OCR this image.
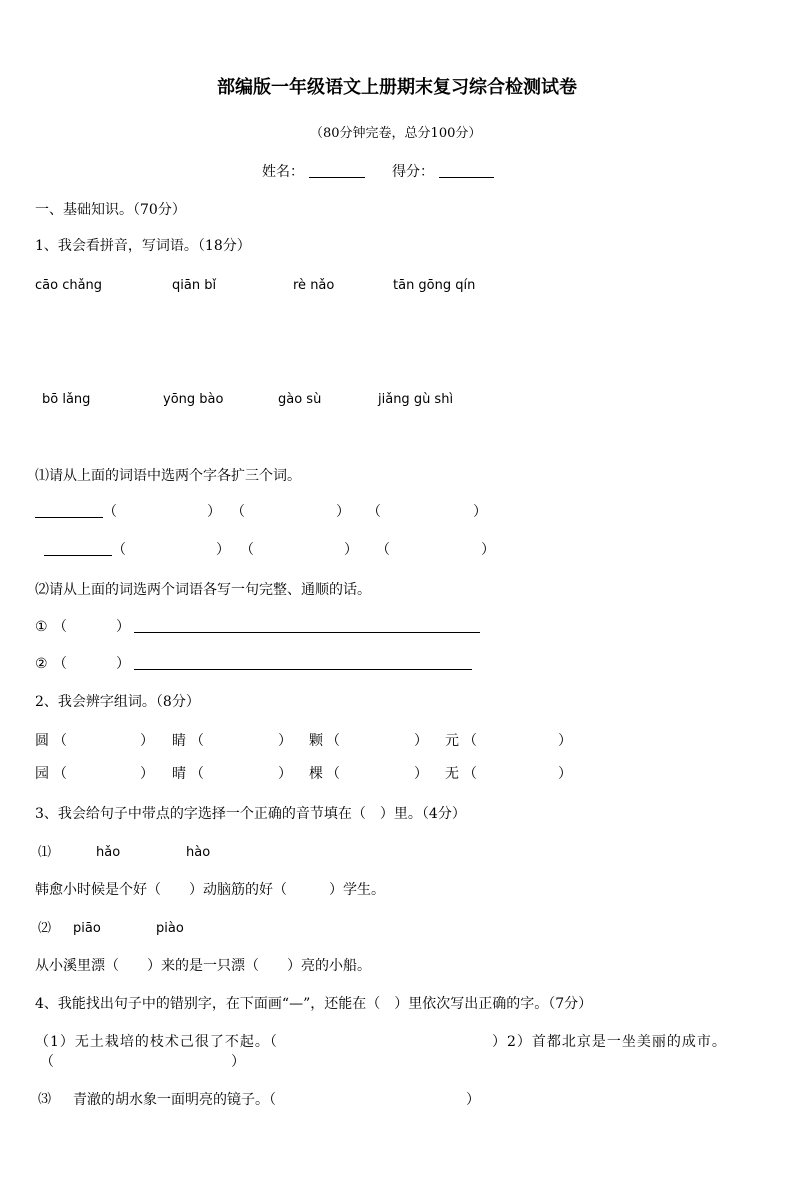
部编版一年级语文上册期末复习综合检测试卷
（80分钟完卷，总分100分）
姓名：	得分：
一、基础知识。（70分）
1、我会看拼音，写词语。（18分）
cāo chǎng	qiān bǐ	rè nǎo	tān gōng qín
bō lǎng	yōng bào	gào sù	jiǎng gù shì
⑴请从上面的词语中选两个字各扩三个词。
（	） （	） （	）
（	） （	） （	）
⑵请从上面的词选两个词语各写一句完整、通顺的话。
① （	）
② （	）
2、我会辨字组词。（8分）
圆 （	） 睛 （	） 颗 （	） 元 （	）
园 （	） 晴 （	） 棵 （	） 无 （	）
3、我会给句子中带点的字选择一个正确的音节填在（　）里。（4分）
⑴	hǎo	hào
韩愈小时候是个好（　　）动脑筋的好（　　　）学生。
⑵ piāo	piào
从小溪里漂（　　）来的是一只漂（　　）亮的小船。
4、我能找出句子中的错别字，在下面画“—”，还能在（　）里依次写出正确的字。（7分）
（1）无土栽培的枝术己很了不起。（	）2）首都北京是一坐美丽的成市。
（	）
⑶ 青澈的胡水象一面明亮的镜子。（	）
